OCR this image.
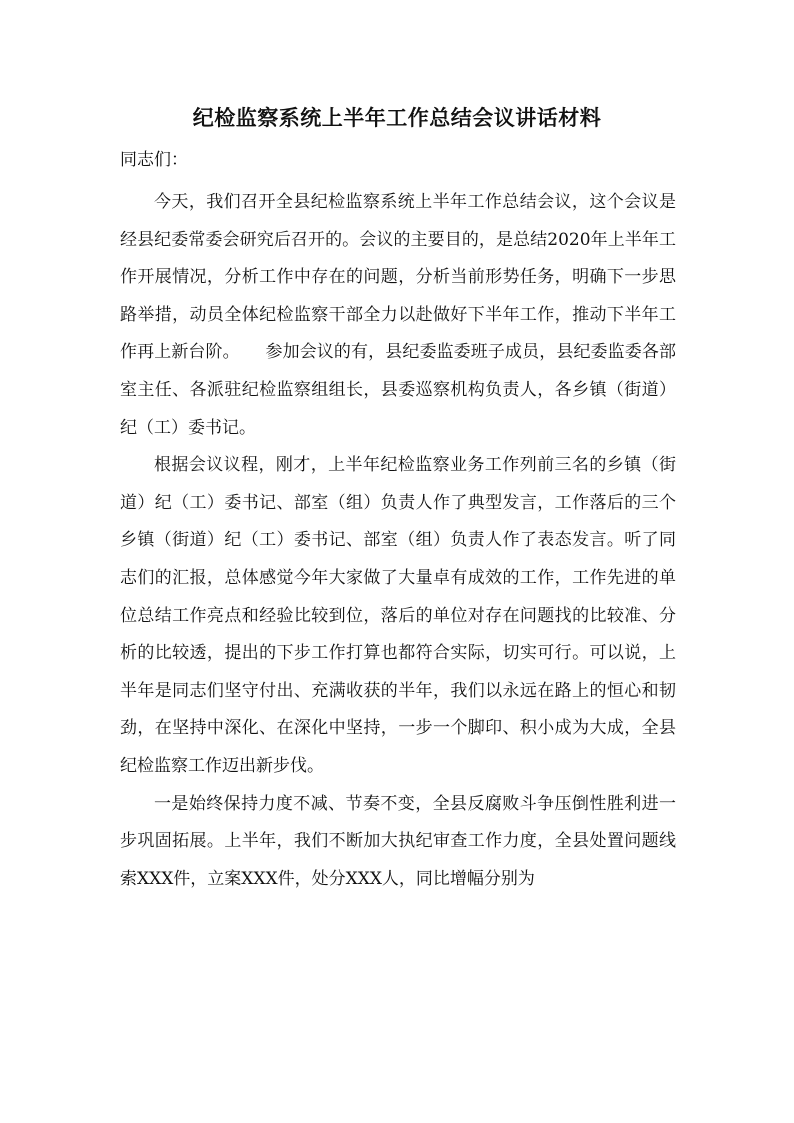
纪检监察系统上半年工作总结会议讲话材料
同志们：

今天，我们召开全县纪检监察系统上半年工作总结会议，这个会议是经县纪委常委会研究后召开的。会议的主要目的，是总结2020年上半年工作开展情况，分析工作中存在的问题，分析当前形势任务，明确下一步思路举措，动员全体纪检监察干部全力以赴做好下半年工作，推动下半年工作再上新台阶。　　参加会议的有，县纪委监委班子成员，县纪委监委各部室主任、各派驻纪检监察组组长，县委巡察机构负责人，各乡镇（街道）纪（工）委书记。

根据会议议程，刚才，上半年纪检监察业务工作列前三名的乡镇（街道）纪（工）委书记、部室（组）负责人作了典型发言，工作落后的三个乡镇（街道）纪（工）委书记、部室（组）负责人作了表态发言。听了同志们的汇报，总体感觉今年大家做了大量卓有成效的工作，工作先进的单位总结工作亮点和经验比较到位，落后的单位对存在问题找的比较准、分析的比较透，提出的下步工作打算也都符合实际，切实可行。可以说，上半年是同志们坚守付出、充满收获的半年，我们以永远在路上的恒心和韧劲，在坚持中深化、在深化中坚持，一步一个脚印、积小成为大成，全县纪检监察工作迈出新步伐。

一是始终保持力度不减、节奏不变，全县反腐败斗争压倒性胜利进一步巩固拓展。上半年，我们不断加大执纪审查工作力度，全县处置问题线索XXX件，立案XXX件，处分XXX人，同比增幅分别为
